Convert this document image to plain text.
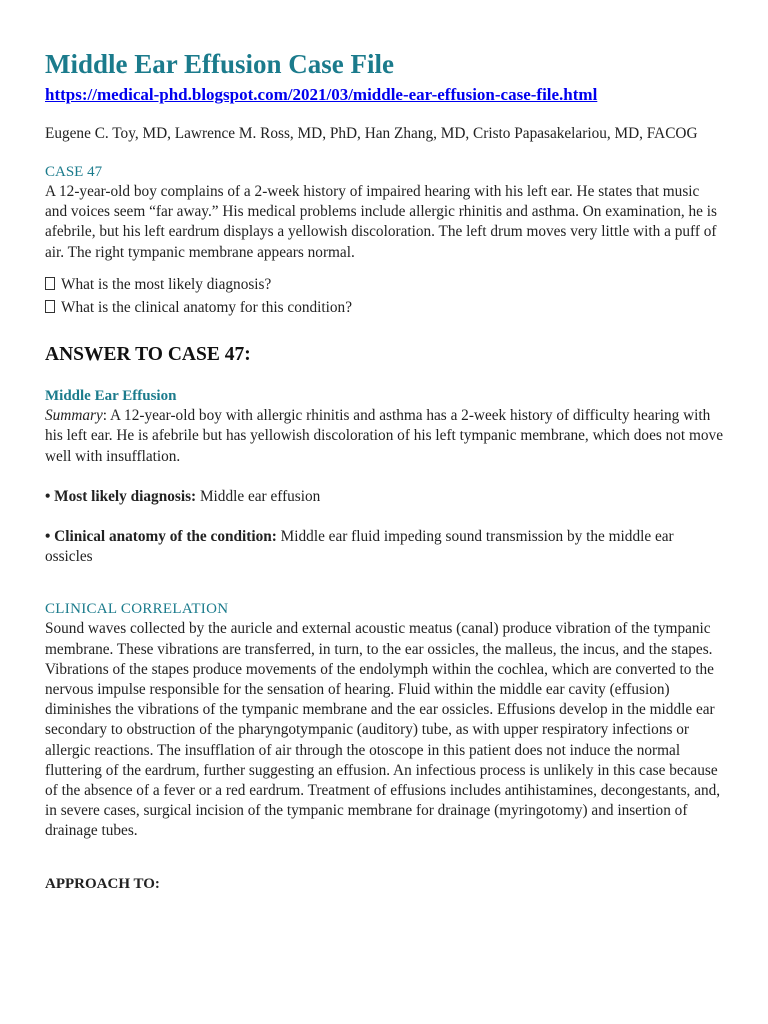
Middle Ear Effusion Case File
https://medical-phd.blogspot.com/2021/03/middle-ear-effusion-case-file.html
Eugene C. Toy, MD, Lawrence M. Ross, MD, PhD, Han Zhang, MD, Cristo Papasakelariou, MD, FACOG
CASE 47

A 12-year-old boy complains of a 2-week history of impaired hearing with his left ear. He states that music and voices seem “far away.” His medical problems include allergic rhinitis and asthma. On examination, he is afebrile, but his left eardrum displays a yellowish discoloration. The left drum moves very little with a puff of air. The right tympanic membrane appears normal.

What is the most likely diagnosis?
What is the clinical anatomy for this condition?
ANSWER TO CASE 47:
Middle Ear Effusion

Summary: A 12-year-old boy with allergic rhinitis and asthma has a 2-week history of difficulty hearing with his left ear. He is afebrile but has yellowish discoloration of his left tympanic membrane, which does not move well with insufflation.

• Most likely diagnosis: Middle ear effusion
• Clinical anatomy of the condition: Middle ear fluid impeding sound transmission by the middle ear ossicles
CLINICAL CORRELATION

Sound waves collected by the auricle and external acoustic meatus (canal) produce vibration of the tympanic membrane. These vibrations are transferred, in turn, to the ear ossicles, the malleus, the incus, and the stapes. Vibrations of the stapes produce movements of the endolymph within the cochlea, which are converted to the nervous impulse responsible for the sensation of hearing. Fluid within the middle ear cavity (effusion) diminishes the vibrations of the tympanic membrane and the ear ossicles. Effusions develop in the middle ear secondary to obstruction of the pharyngotympanic (auditory) tube, as with upper respiratory infections or allergic reactions. The insufflation of air through the otoscope in this patient does not induce the normal fluttering of the eardrum, further suggesting an effusion. An infectious process is unlikely in this case because of the absence of a fever or a red eardrum. Treatment of effusions includes antihistamines, decongestants, and, in severe cases, surgical incision of the tympanic membrane for drainage (myringotomy) and insertion of drainage tubes.

APPROACH TO:
